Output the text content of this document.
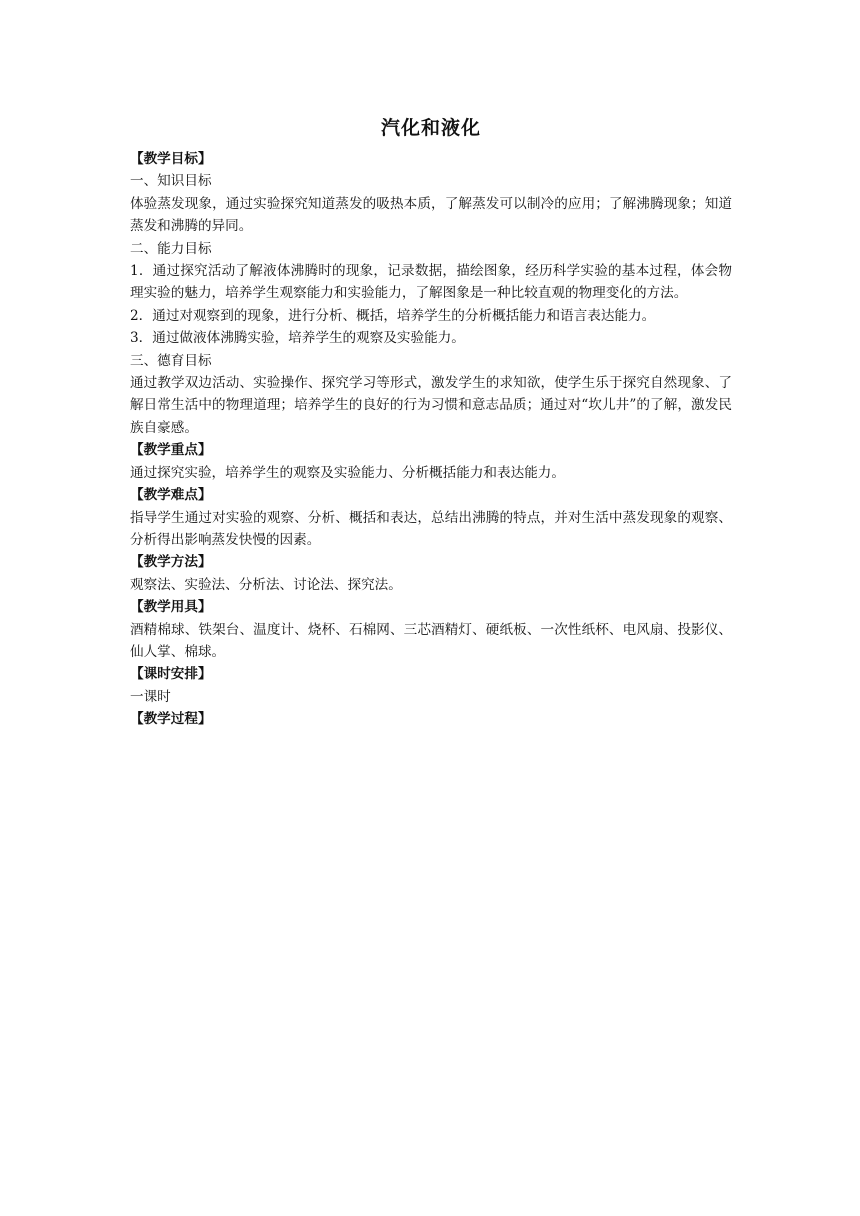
汽化和液化

【教学目标】

一、知识目标

体验蒸发现象，通过实验探究知道蒸发的吸热本质，了解蒸发可以制冷的应用；了解沸腾现象；知道蒸发和沸腾的异同。

二、能力目标

1．通过探究活动了解液体沸腾时的现象，记录数据，描绘图象，经历科学实验的基本过程，体会物理实验的魅力，培养学生观察能力和实验能力，了解图象是一种比较直观的物理变化的方法。

2．通过对观察到的现象，进行分析、概括，培养学生的分析概括能力和语言表达能力。

3．通过做液体沸腾实验，培养学生的观察及实验能力。

三、德育目标

通过教学双边活动、实验操作、探究学习等形式，激发学生的求知欲，使学生乐于探究自然现象、了解日常生活中的物理道理；培养学生的良好的行为习惯和意志品质；通过对“坎儿井”的了解，激发民族自豪感。

【教学重点】

通过探究实验，培养学生的观察及实验能力、分析概括能力和表达能力。

【教学难点】

指导学生通过对实验的观察、分析、概括和表达，总结出沸腾的特点，并对生活中蒸发现象的观察、分析得出影响蒸发快慢的因素。

【教学方法】

观察法、实验法、分析法、讨论法、探究法。

【教学用具】

酒精棉球、铁架台、温度计、烧杯、石棉网、三芯酒精灯、硬纸板、一次性纸杯、电风扇、投影仪、仙人掌、棉球。

【课时安排】

一课时

【教学过程】
